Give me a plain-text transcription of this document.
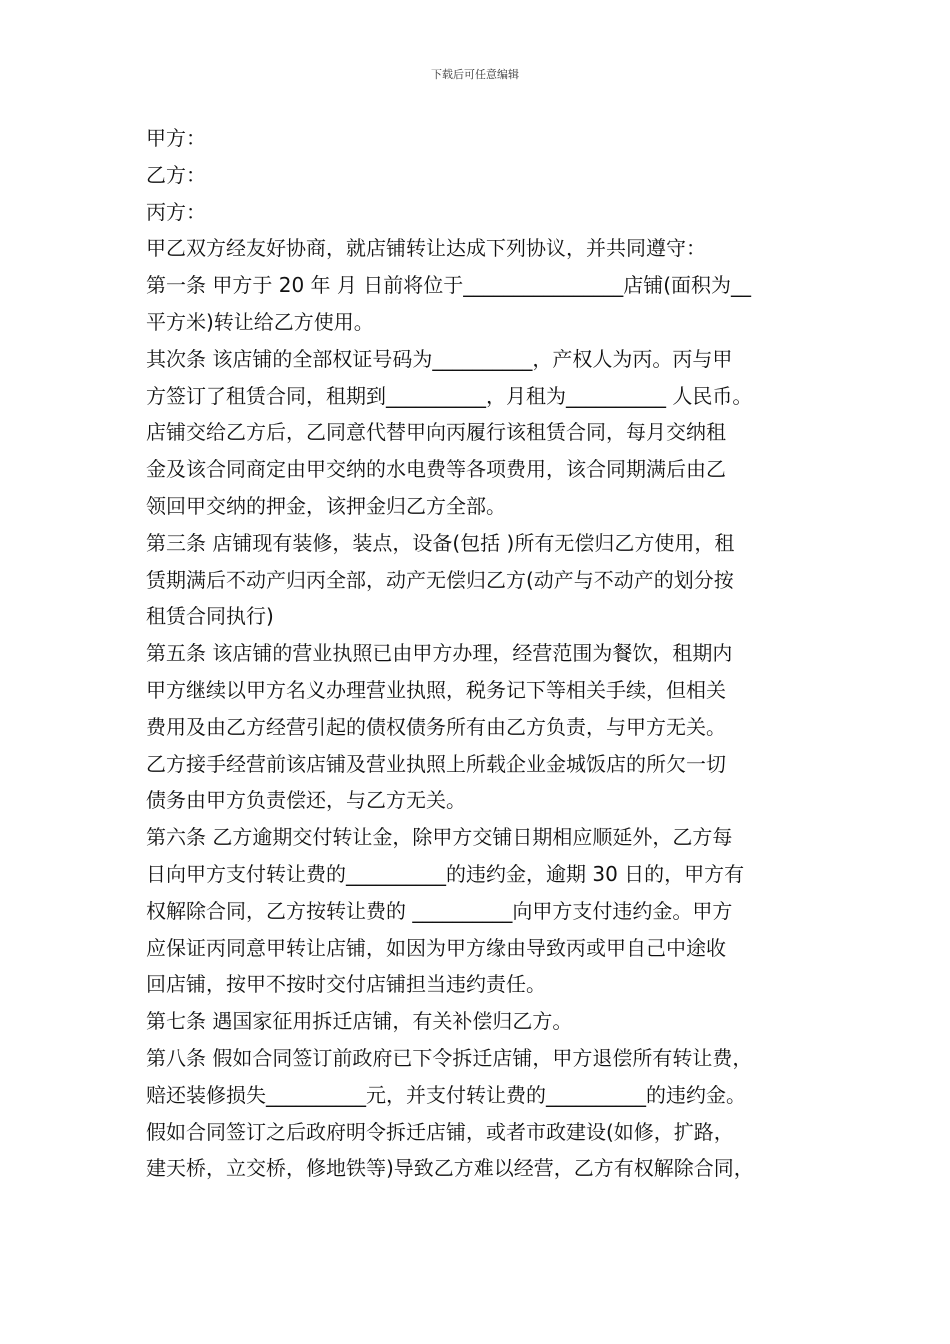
下载后可任意编辑
甲方：
乙方：
丙方：
甲乙双方经友好协商，就店铺转让达成下列协议，并共同遵守：
第一条 甲方于 20 年 月 日前将位于________________店铺(面积为__
平方米)转让给乙方使用。
其次条 该店铺的全部权证号码为__________，产权人为丙。丙与甲
方签订了租赁合同，租期到__________，月租为__________ 人民币。
店铺交给乙方后，乙同意代替甲向丙履行该租赁合同，每月交纳租
金及该合同商定由甲交纳的水电费等各项费用，该合同期满后由乙
领回甲交纳的押金，该押金归乙方全部。
第三条 店铺现有装修，装点，设备(包括 )所有无偿归乙方使用，租
赁期满后不动产归丙全部，动产无偿归乙方(动产与不动产的划分按
租赁合同执行)
第五条 该店铺的营业执照已由甲方办理，经营范围为餐饮，租期内
甲方继续以甲方名义办理营业执照，税务记下等相关手续，但相关
费用及由乙方经营引起的债权债务所有由乙方负责，与甲方无关。
乙方接手经营前该店铺及营业执照上所载企业金城饭店的所欠一切
债务由甲方负责偿还，与乙方无关。
第六条 乙方逾期交付转让金，除甲方交铺日期相应顺延外，乙方每
日向甲方支付转让费的__________的违约金，逾期 30 日的，甲方有
权解除合同，乙方按转让费的 __________向甲方支付违约金。甲方
应保证丙同意甲转让店铺，如因为甲方缘由导致丙或甲自己中途收
回店铺，按甲不按时交付店铺担当违约责任。
第七条 遇国家征用拆迁店铺，有关补偿归乙方。
第八条 假如合同签订前政府已下令拆迁店铺，甲方退偿所有转让费，
赔还装修损失__________元，并支付转让费的__________的违约金。
假如合同签订之后政府明令拆迁店铺，或者市政建设(如修，扩路，
建天桥，立交桥，修地铁等)导致乙方难以经营，乙方有权解除合同，
